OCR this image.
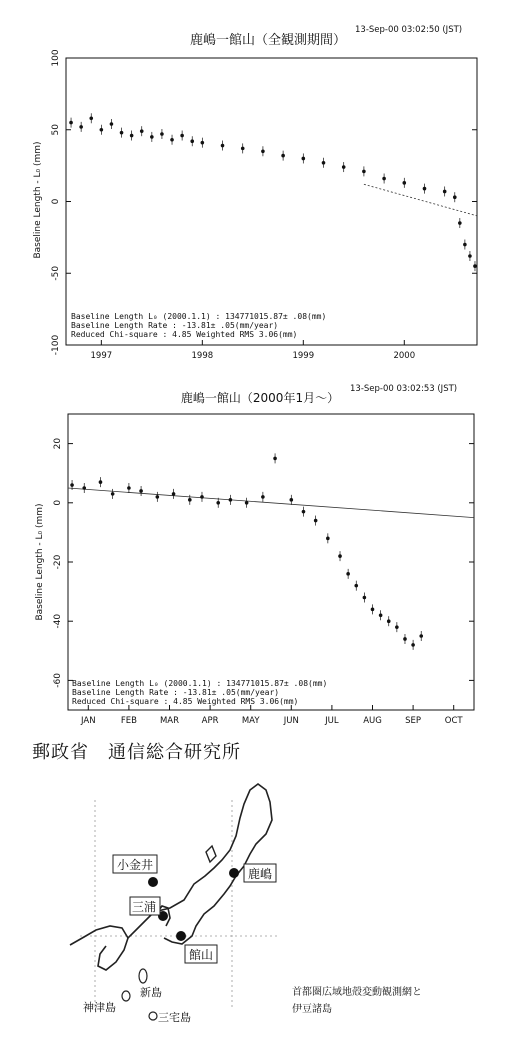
13-Sep-00 03:02:50 (JST)
鹿嶋一館山（全観測期間）
100
50
0
-50
-100
1997	1998	1999	2000
Baseline Length - L₀ (mm)
Baseline Length L₀ (2000.1.1) : 134771015.87± .08(mm)
Baseline Length Rate : -13.81± .05(mm/year)
Reduced Chi-square : 4.85 Weighted RMS 3.06(mm)
13-Sep-00 03:02:53 (JST)
鹿嶋一館山（2000年1月〜）
20
0
-20
-40
-60
JAN	FEB	MAR	APR	MAY	JUN	JUL	AUG	SEP	OCT
Baseline Length - L₀ (mm)
Baseline Length L₀ (2000.1.1) : 134771015.87± .08(mm)
Baseline Length Rate : -13.81± .05(mm/year)
Reduced Chi-square : 4.85 Weighted RMS 3.06(mm)
郵政省　通信総合研究所
小金井
鹿嶋
三浦
館山
新島
神津島
三宅島
首都圏広域地殻変動観測網と
伊豆諸島
